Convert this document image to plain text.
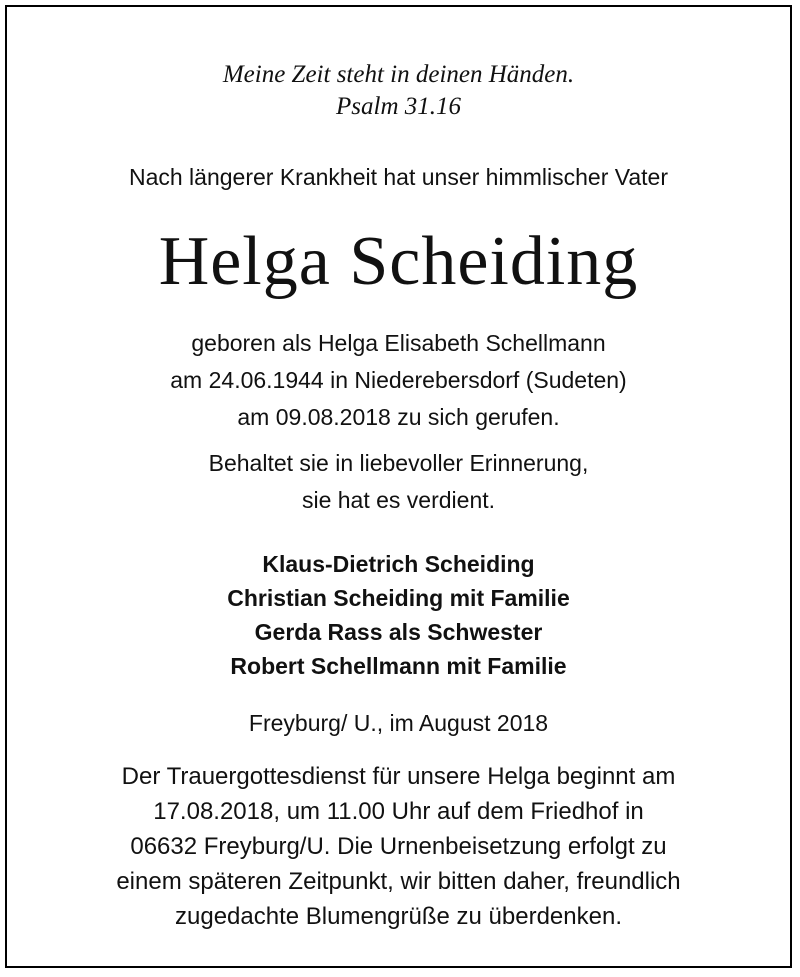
Meine Zeit steht in deinen Händen.
Psalm 31.16
Nach längerer Krankheit hat unser himmlischer Vater
Helga Scheiding
geboren als Helga Elisabeth Schellmann
am 24.06.1944 in Niederebersdorf (Sudeten)
am 09.08.2018 zu sich gerufen.
Behaltet sie in liebevoller Erinnerung,
sie hat es verdient.
Klaus-Dietrich Scheiding
Christian Scheiding mit Familie
Gerda Rass als Schwester
Robert Schellmann mit Familie
Freyburg/ U., im August 2018
Der Trauergottesdienst für unsere Helga beginnt am
17.08.2018, um 11.00 Uhr auf dem Friedhof in
06632 Freyburg/U. Die Urnenbeisetzung erfolgt zu
einem späteren Zeitpunkt, wir bitten daher, freundlich
zugedachte Blumengrüße zu überdenken.
